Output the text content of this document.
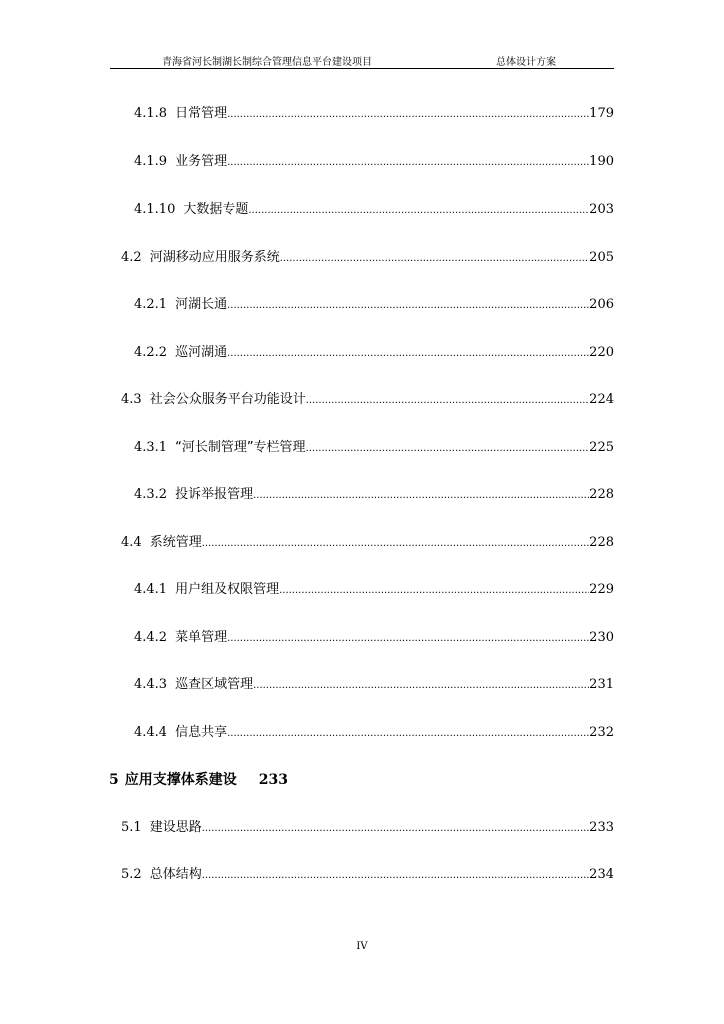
青海省河长制湖长制综合管理信息平台建设项目	总体设计方案
4.1.8 日常管理 .....	179
4.1.9 业务管理 .....	190
4.1.10 大数据专题 .....	203
4.2 河湖移动应用服务系统 .....	205
4.2.1 河湖长通 .....	206
4.2.2 巡河湖通 .....	220
4.3 社会公众服务平台功能设计 .....	224
4.3.1 “河长制管理”专栏管理 .....	225
4.3.2 投诉举报管理 .....	228
4.4 系统管理 .....	228
4.4.1 用户组及权限管理 .....	229
4.4.2 菜单管理 .....	230
4.4.3 巡查区域管理 .....	231
4.4.4 信息共享 .....	232
5 应用支撑体系建设 233
5.1 建设思路 .....	233
5.2 总体结构 .....	234
IV
